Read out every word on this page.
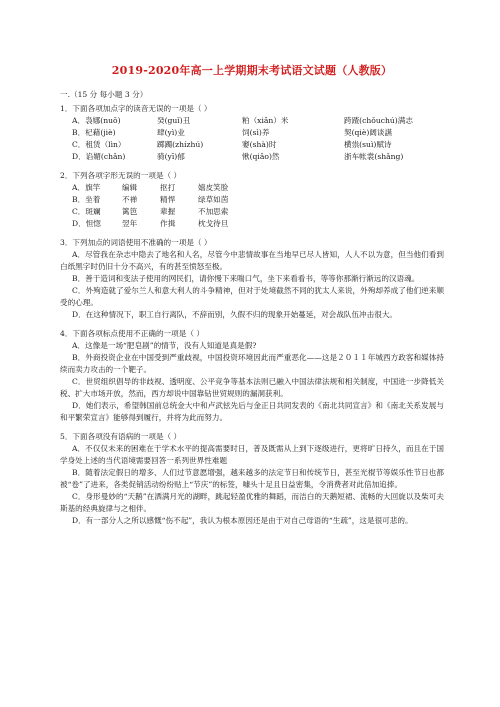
2019-2020年高一上学期期末考试语文试题（人教版）
一.（15 分 每小题 3 分）
1．下面各项加点字的读音无误的一项是（ ）
A．袅娜(nuǒ)	癸(guǐ)丑	粕（xiǎn）米	跨蹅(chǒuchú)满志
B．杞藉(jiè)	肆(yì)业	饲(sì)养	契(qiè)阔谈讌
C．租赁（lìn）	踯躅(zhízhú)	窭(shà)时	横祟(suì)赋诗
D．谄媚(chǎn)	骑(yī)郁	愀(qiǎo)然	浙车帐裳(shǎng)
2．下列各项字形无误的一项是（ ）
A．旗竿	编辑	抠打	嬉皮笑脸
B．坐着	不禅	精悍	绿草如茵
C．斑斓	篱笆	辈握	不加思索
D．怛惚	翌年	作揖	枕戈待旦
3．下列加点的词语使用不准确的一项是（ ）
A．尽管我在杂志中隐去了地名和人名，尽管今中悲情故事在当地早已尽人皆知，人人不以为意，但当他们看到白纸黑字时仍旧十分不高兴，有的甚至愤怒至极。
B．善于造词和变法子使用的网民们，请你慢下来喘口气，坐下来看看书，等等你那渐行渐远的汉语魂。
C．外殉造就了爱尔兰人和意大利人的斗争精神，但对于处境截然不同的犹太人来说，外殉却养成了他们逆来顺受的心理。
D．在这种情况下，职工自行离队，不辞而别，久假不归的现象开始蔓延，对会战队伍冲击很大。
4．下面各项标点使用不正确的一项是（ ）
A．这像是一场“肥皂剧”的情节，没有人知道是真是假?
B．外商投资企业在中国受到严重歧视，中国投资环境因此而严重恶化——这是２０１１年城西方政客和媒体持续而卖力攻击的一个靶子。
C．世贸组织倡导的非歧视、透明度、公平竞争等基本法则已融入中国法律法规和相关制度，中国进一步降低关税、扩大市场开放，然而，西方却说中国靠钻世贸规则的漏洞获利。
D．她们表示，希望韩国前总统金大中和卢武铉先后与金正日共同发表的《南北共同宣言》和《南北关系发展与和平繁荣宣言》能够得到履行，并将为此而努力。
5．下面各项没有语病的一项是（ ）
A．不仅仅未来的困难在于学术水平的提高需要时日，普及既需从上到下逐级进行，更将旷日持久，而且在于国学身处上述的当代语境需要回答一系列世界性难题
B．随着法定假日的增多、人们过节意愿增强，越来越多的法定节日和传统节日，甚至光棍节等娱乐性节日也都被“卷”了进来，各类促销活动纷纷贴上“节庆”的标签，噱头十足且日益密集，令消费者对此倍加追捧。
C．身形曼妙的“天鹅”在洒满月光的湖畔，跳起轻盈优雅的舞蹈，而洁白的天鹅短裙、流畅的大回旋以及柴可夫斯基的经典旋律与之相伴。
D．有一部分人之所以感慨“伤不起”，我认为根本原因还是由于对自己母语的“生疏”，这是很可悲的。
